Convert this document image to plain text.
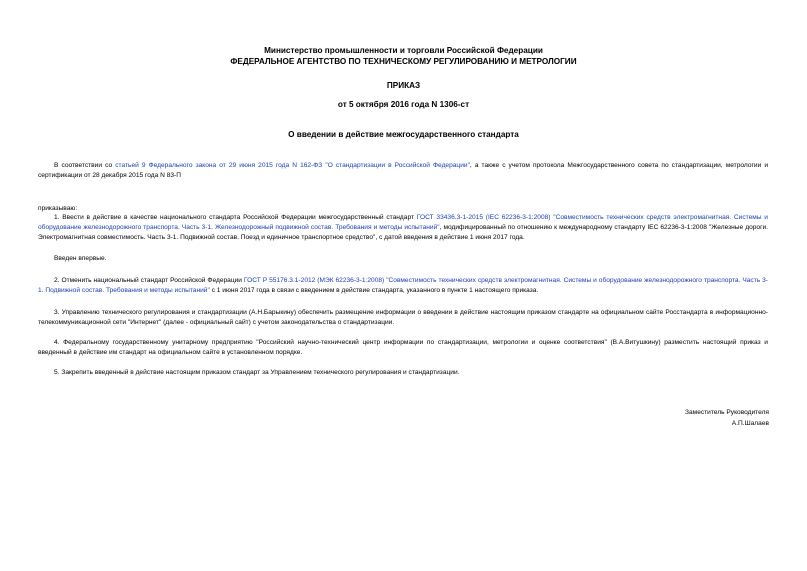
Министерство промышленности и торговли Российской Федерации
ФЕДЕРАЛЬНОЕ АГЕНТСТВО ПО ТЕХНИЧЕСКОМУ РЕГУЛИРОВАНИЮ И МЕТРОЛОГИИ
ПРИКАЗ
от 5 октября 2016 года N 1306-ст
О введении в действие межгосударственного стандарта
В соответствии со статьей 9 Федерального закона от 29 июня 2015 года N 162-ФЗ "О стандартизации в Российской Федерации", а также с учетом протокола Межгосударственного совета по стандартизации, метрологии и сертификации от 28 декабря 2015 года N 83-П
приказываю:
1. Ввести в действие в качестве национального стандарта Российской Федерации межгосударственный стандарт ГОСТ 33436.3-1-2015 (IEC 62236-3-1:2008) "Совместимость технических средств электромагнитная. Системы и оборудование железнодорожного транспорта. Часть 3-1. Железнодорожный подвижной состав. Требования и методы испытаний", модифицированный по отношению к международному стандарту IEC 62236-3-1:2008 "Железные дороги. Электромагнитная совместимость. Часть 3-1. Подвижной состав. Поезд и единичное транспортное средство", с датой введения в действие 1 июня 2017 года.
Введен впервые.
2. Отменить национальный стандарт Российской Федерации ГОСТ Р 55176.3.1-2012 (МЭК 62236-3-1:2008) "Совместимость технических средств электромагнитная. Системы и оборудование железнодорожного транспорта. Часть 3-1. Подвижной состав. Требования и методы испытаний" с 1 июня 2017 года в связи с введением в действие стандарта, указанного в пункте 1 настоящего приказа.
3. Управлению технического регулирования и стандартизации (А.Н.Барыкину) обеспечить размещение информации о введении в действие настоящим приказом стандарте на официальном сайте Росстандарта в информационно-телекоммуникационной сети "Интернет" (далее - официальный сайт) с учетом законодательства о стандартизации.
4. Федеральному государственному унитарному предприятию "Российский научно-технический центр информации по стандартизации, метрологии и оценке соответствия" (В.А.Витушкину) разместить настоящий приказ и введенный в действие им стандарт на официальном сайте в установленном порядке.
5. Закрепить введенный в действие настоящим приказом стандарт за Управлением технического регулирования и стандартизации.
Заместитель Руководителя
А.П.Шалаев
